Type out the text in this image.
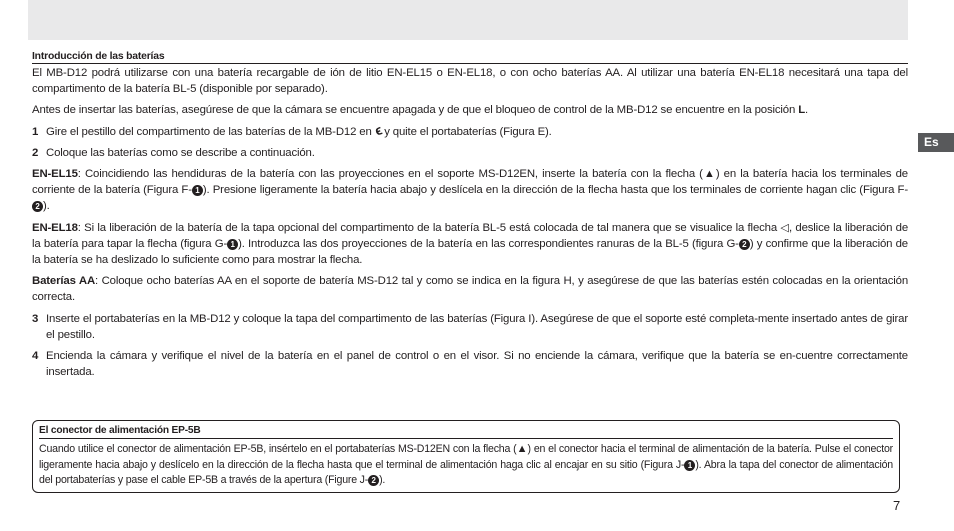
Es
Introducción de las baterías

El MB-D12 podrá utilizarse con una batería recargable de ión de litio EN-EL15 o EN-EL18, o con ocho baterías AA. Al utilizar una batería EN-EL18 necesitará una tapa del compartimento de la batería BL-5 (disponible por separado).

Antes de insertar las baterías, asegúrese de que la cámara se encuentre apagada y de que el bloqueo de control de la MB-D12 se encuentre en la posición L.

1 Gire el pestillo del compartimento de las baterías de la MB-D12 en ϵ y quite el portabaterías (Figura E).
2 Coloque las baterías como se describe a continuación.

EN-EL15: Coincidiendo las hendiduras de la batería con las proyecciones en el soporte MS-D12EN, inserte la batería con la flecha (▲) en la batería hacia los terminales de corriente de la batería (Figura F- 1 ). Presione ligeramente la batería hacia abajo y deslícela en la dirección de la flecha hasta que los terminales de corriente hagan clic (Figura F-2 ).

EN-EL18: Si la liberación de la batería de la tapa opcional del compartimento de la batería BL-5 está colocada de tal manera que se visualice la flecha ◁, deslice la liberación de la batería para tapar la flecha (figura G- 1 ). Introduzca las dos proyecciones de la batería en las correspondientes ranuras de la BL-5 (figura G- 2 ) y confirme que la liberación de la batería se ha deslizado lo suficiente como para mostrar la flecha.

Baterías AA: Coloque ocho baterías AA en el soporte de batería MS-D12 tal y como se indica en la figura H, y asegúrese de que las baterías estén colocadas en la orientación correcta.

3 Inserte el portabaterías en la MB-D12 y coloque la tapa del compartimento de las baterías (Figura I). Asegúrese de que el soporte esté completa-mente insertado antes de girar el pestillo.
4 Encienda la cámara y verifique el nivel de la batería en el panel de control o en el visor. Si no enciende la cámara, verifique que la batería se en-cuentre correctamente insertada.
El conector de alimentación EP-5B

Cuando utilice el conector de alimentación EP-5B, insértelo en el portabaterías MS-D12EN con la flecha (▲) en el conector hacia el terminal de alimentación de la batería. Pulse el conector ligeramente hacia abajo y deslícelo en la dirección de la flecha hasta que el terminal de alimentación haga clic al encajar en su sitio (Figura J- 1 ). Abra la tapa del conector de alimentación del portabaterías y pase el cable EP-5B a través de la apertura (Figure J- 2 ).

7
